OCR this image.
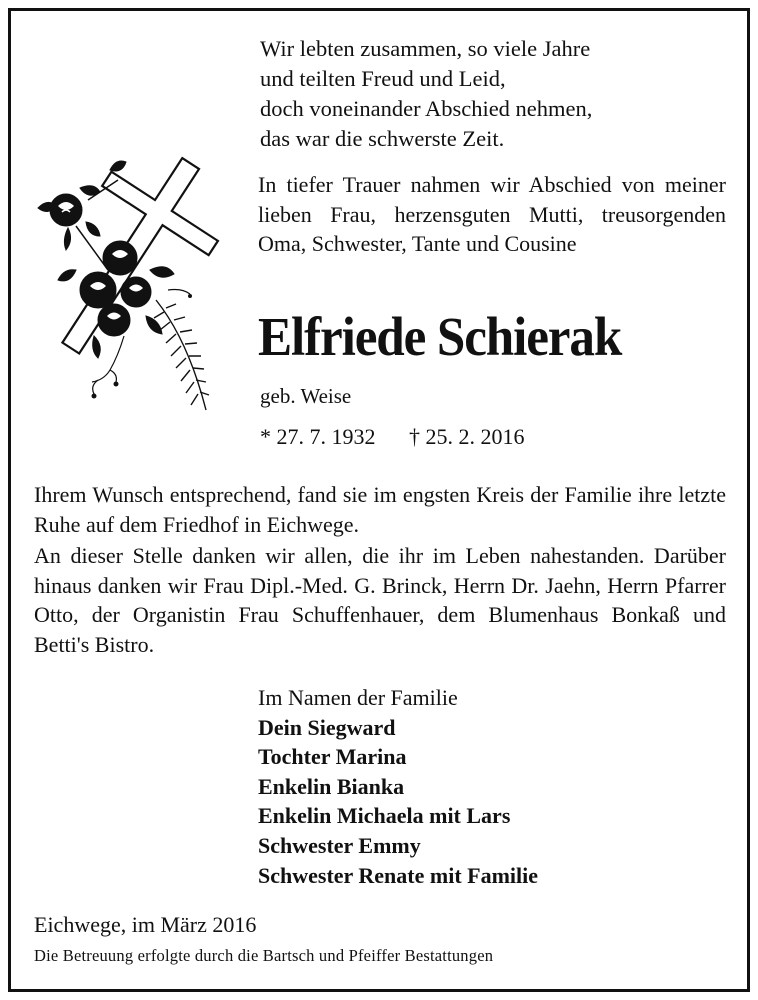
Wir lebten zusammen, so viele Jahre
und teilten Freud und Leid,
doch voneinander Abschied nehmen,
das war die schwerste Zeit.
In tiefer Trauer nahmen wir Abschied von meiner lieben Frau, herzensguten Mutti, treusorgenden Oma, Schwester, Tante und Cousine
Elfriede Schierak
geb. Weise
* 27. 7. 1932 † 25. 2. 2016
Ihrem Wunsch entsprechend, fand sie im engsten Kreis der Familie ihre letzte Ruhe auf dem Friedhof in Eichwege.
An dieser Stelle danken wir allen, die ihr im Leben nahestanden. Darüber hinaus danken wir Frau Dipl.-Med. G. Brinck, Herrn Dr. Jaehn, Herrn Pfarrer Otto, der Organistin Frau Schuffenhauer, dem Blumenhaus Bonkaß und Betti's Bistro.
Im Namen der Familie
Dein Siegward
Tochter Marina
Enkelin Bianka
Enkelin Michaela mit Lars
Schwester Emmy
Schwester Renate mit Familie
Eichwege, im März 2016
Die Betreuung erfolgte durch die Bartsch und Pfeiffer Bestattungen
